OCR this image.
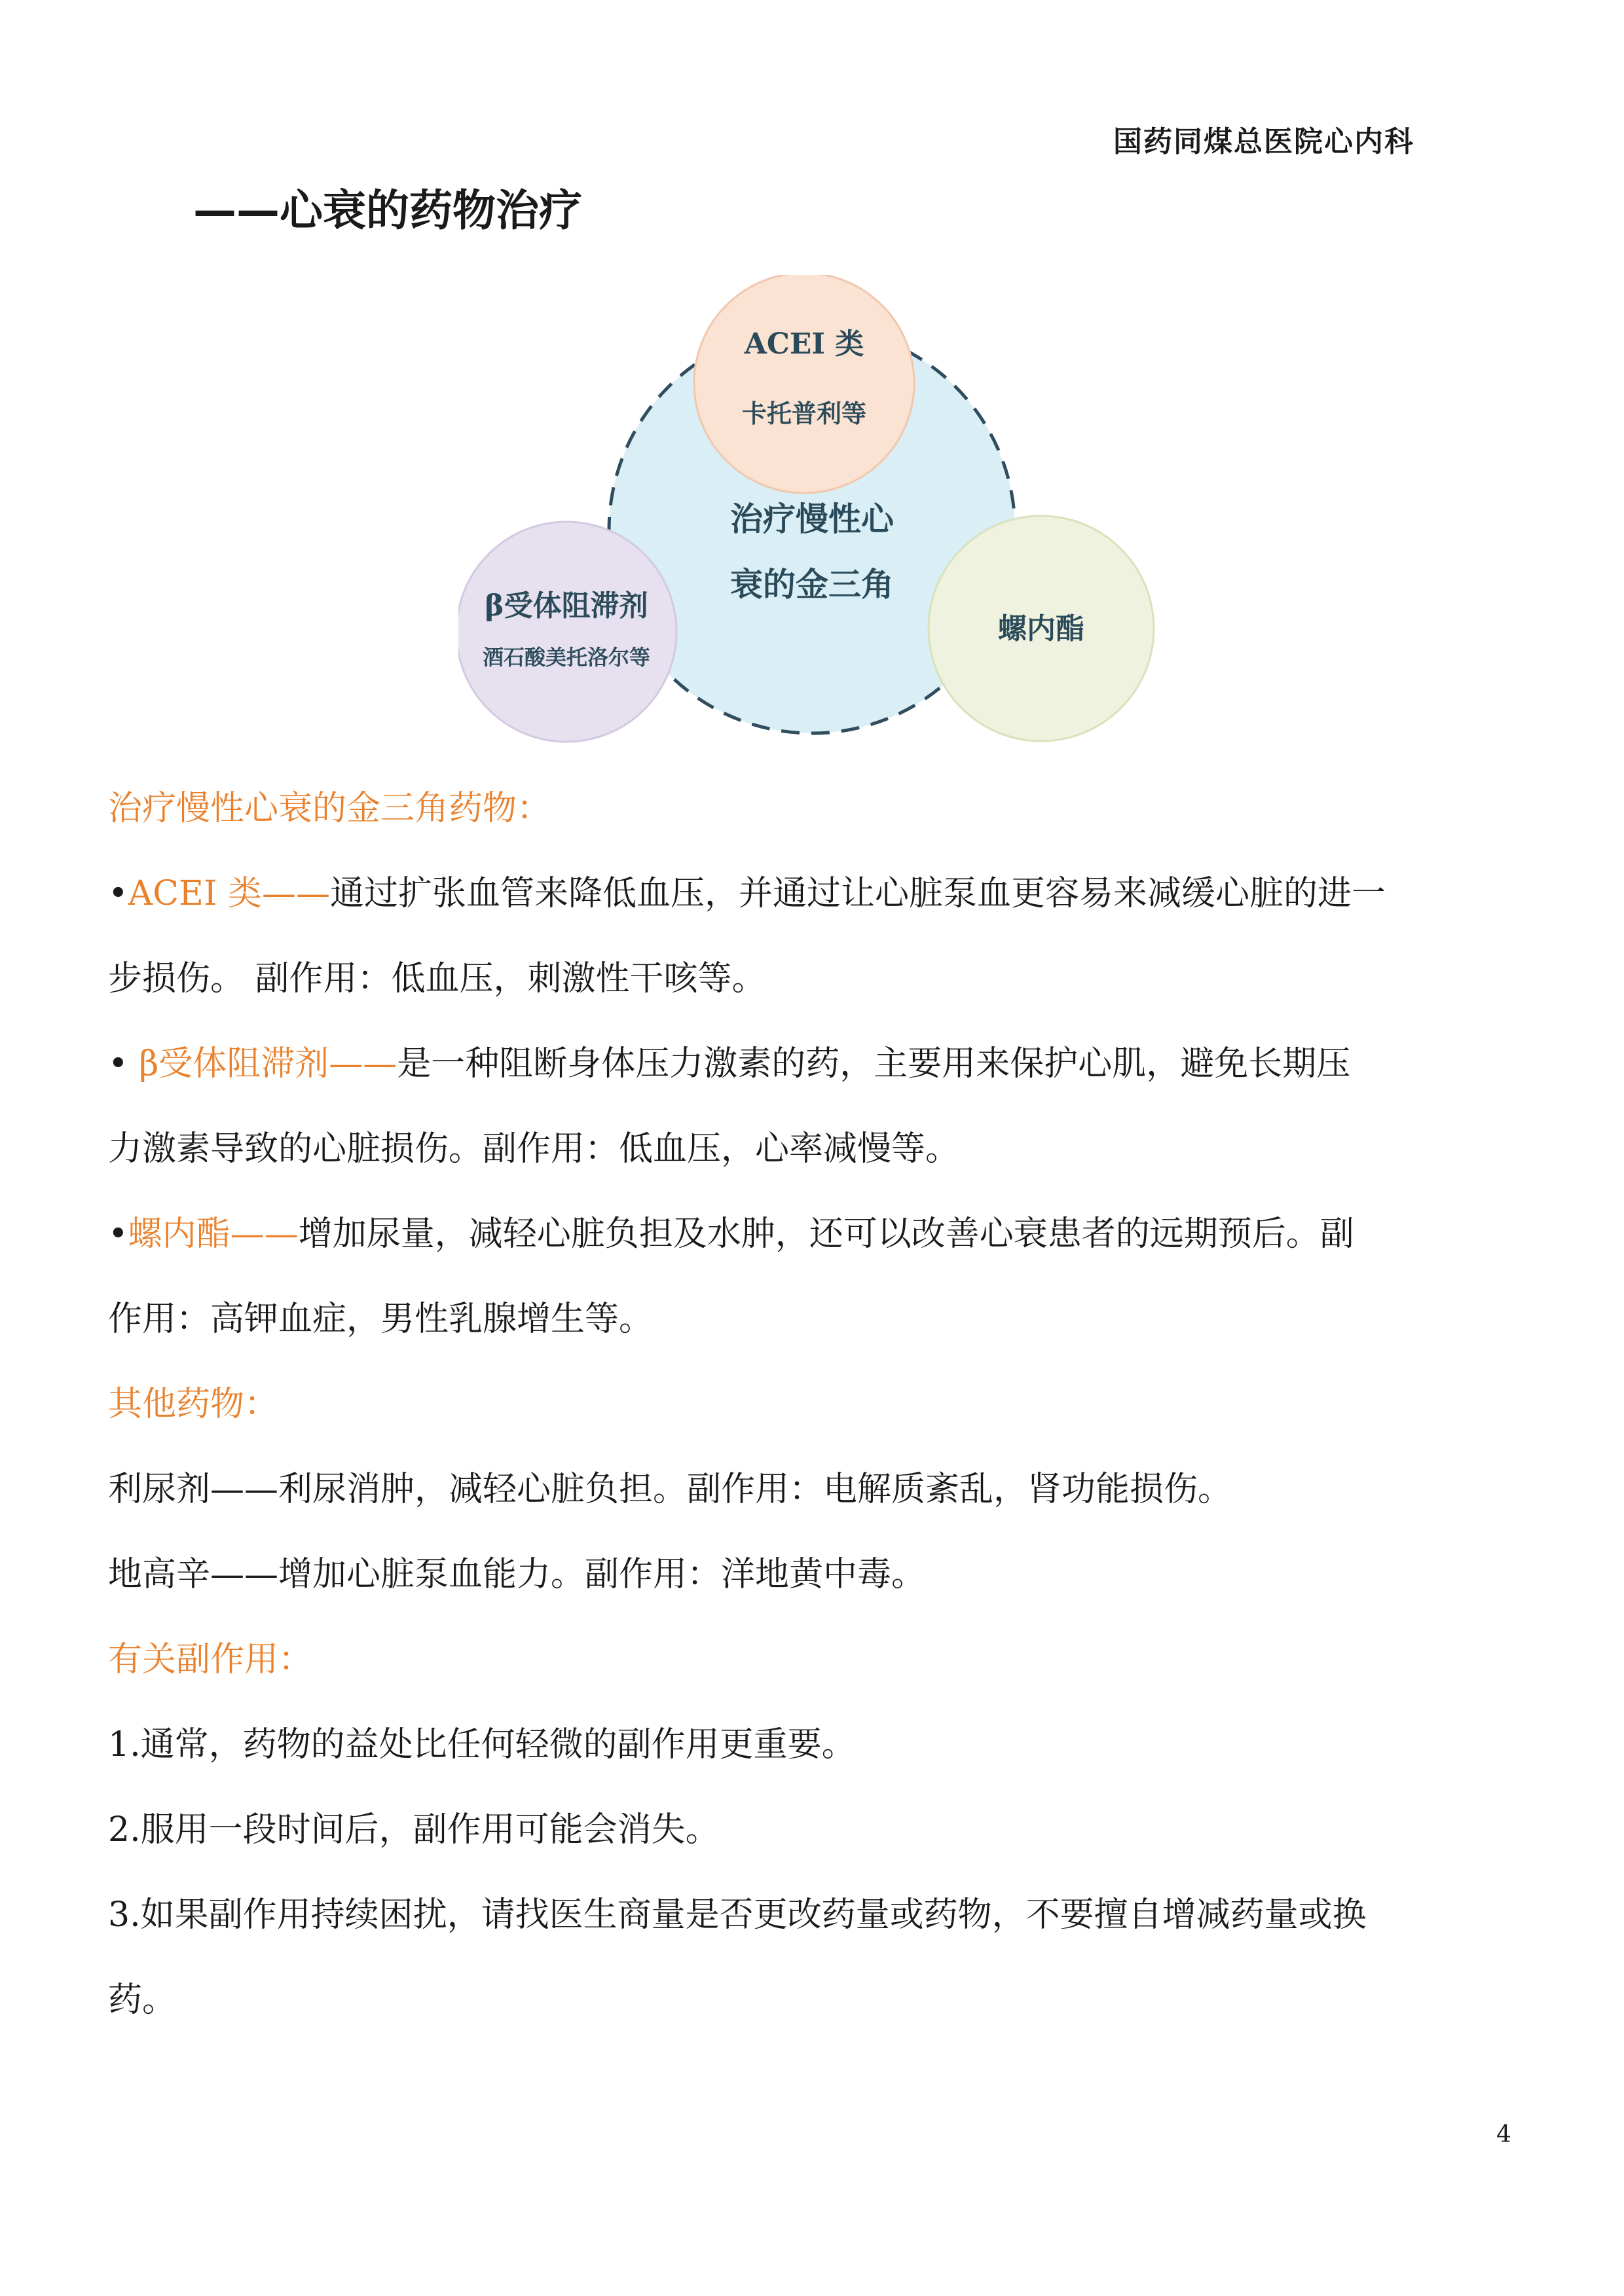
国药同煤总医院心内科
——心衰的药物治疗
治疗慢性心
衰的金三角
ACEI 类
卡托普利等
β受体阻滞剂
酒石酸美托洛尔等
螺内酯

治疗慢性心衰的金三角药物：

•ACEI 类——通过扩张血管来降低血压，并通过让心脏泵血更容易来减缓心脏的进一

步损伤。 副作用：低血压，刺激性干咳等。

• β受体阻滞剂——是一种阻断身体压力激素的药，主要用来保护心肌，避免长期压

力激素导致的心脏损伤。副作用：低血压，心率减慢等。

•螺内酯——增加尿量，减轻心脏负担及水肿，还可以改善心衰患者的远期预后。副

作用：高钾血症，男性乳腺增生等。

其他药物：

利尿剂——利尿消肿，减轻心脏负担。副作用：电解质紊乱，肾功能损伤。

地高辛——增加心脏泵血能力。副作用：洋地黄中毒。

有关副作用：

1.通常，药物的益处比任何轻微的副作用更重要。

2.服用一段时间后，副作用可能会消失。

3.如果副作用持续困扰，请找医生商量是否更改药量或药物，不要擅自增减药量或换

药。

4
